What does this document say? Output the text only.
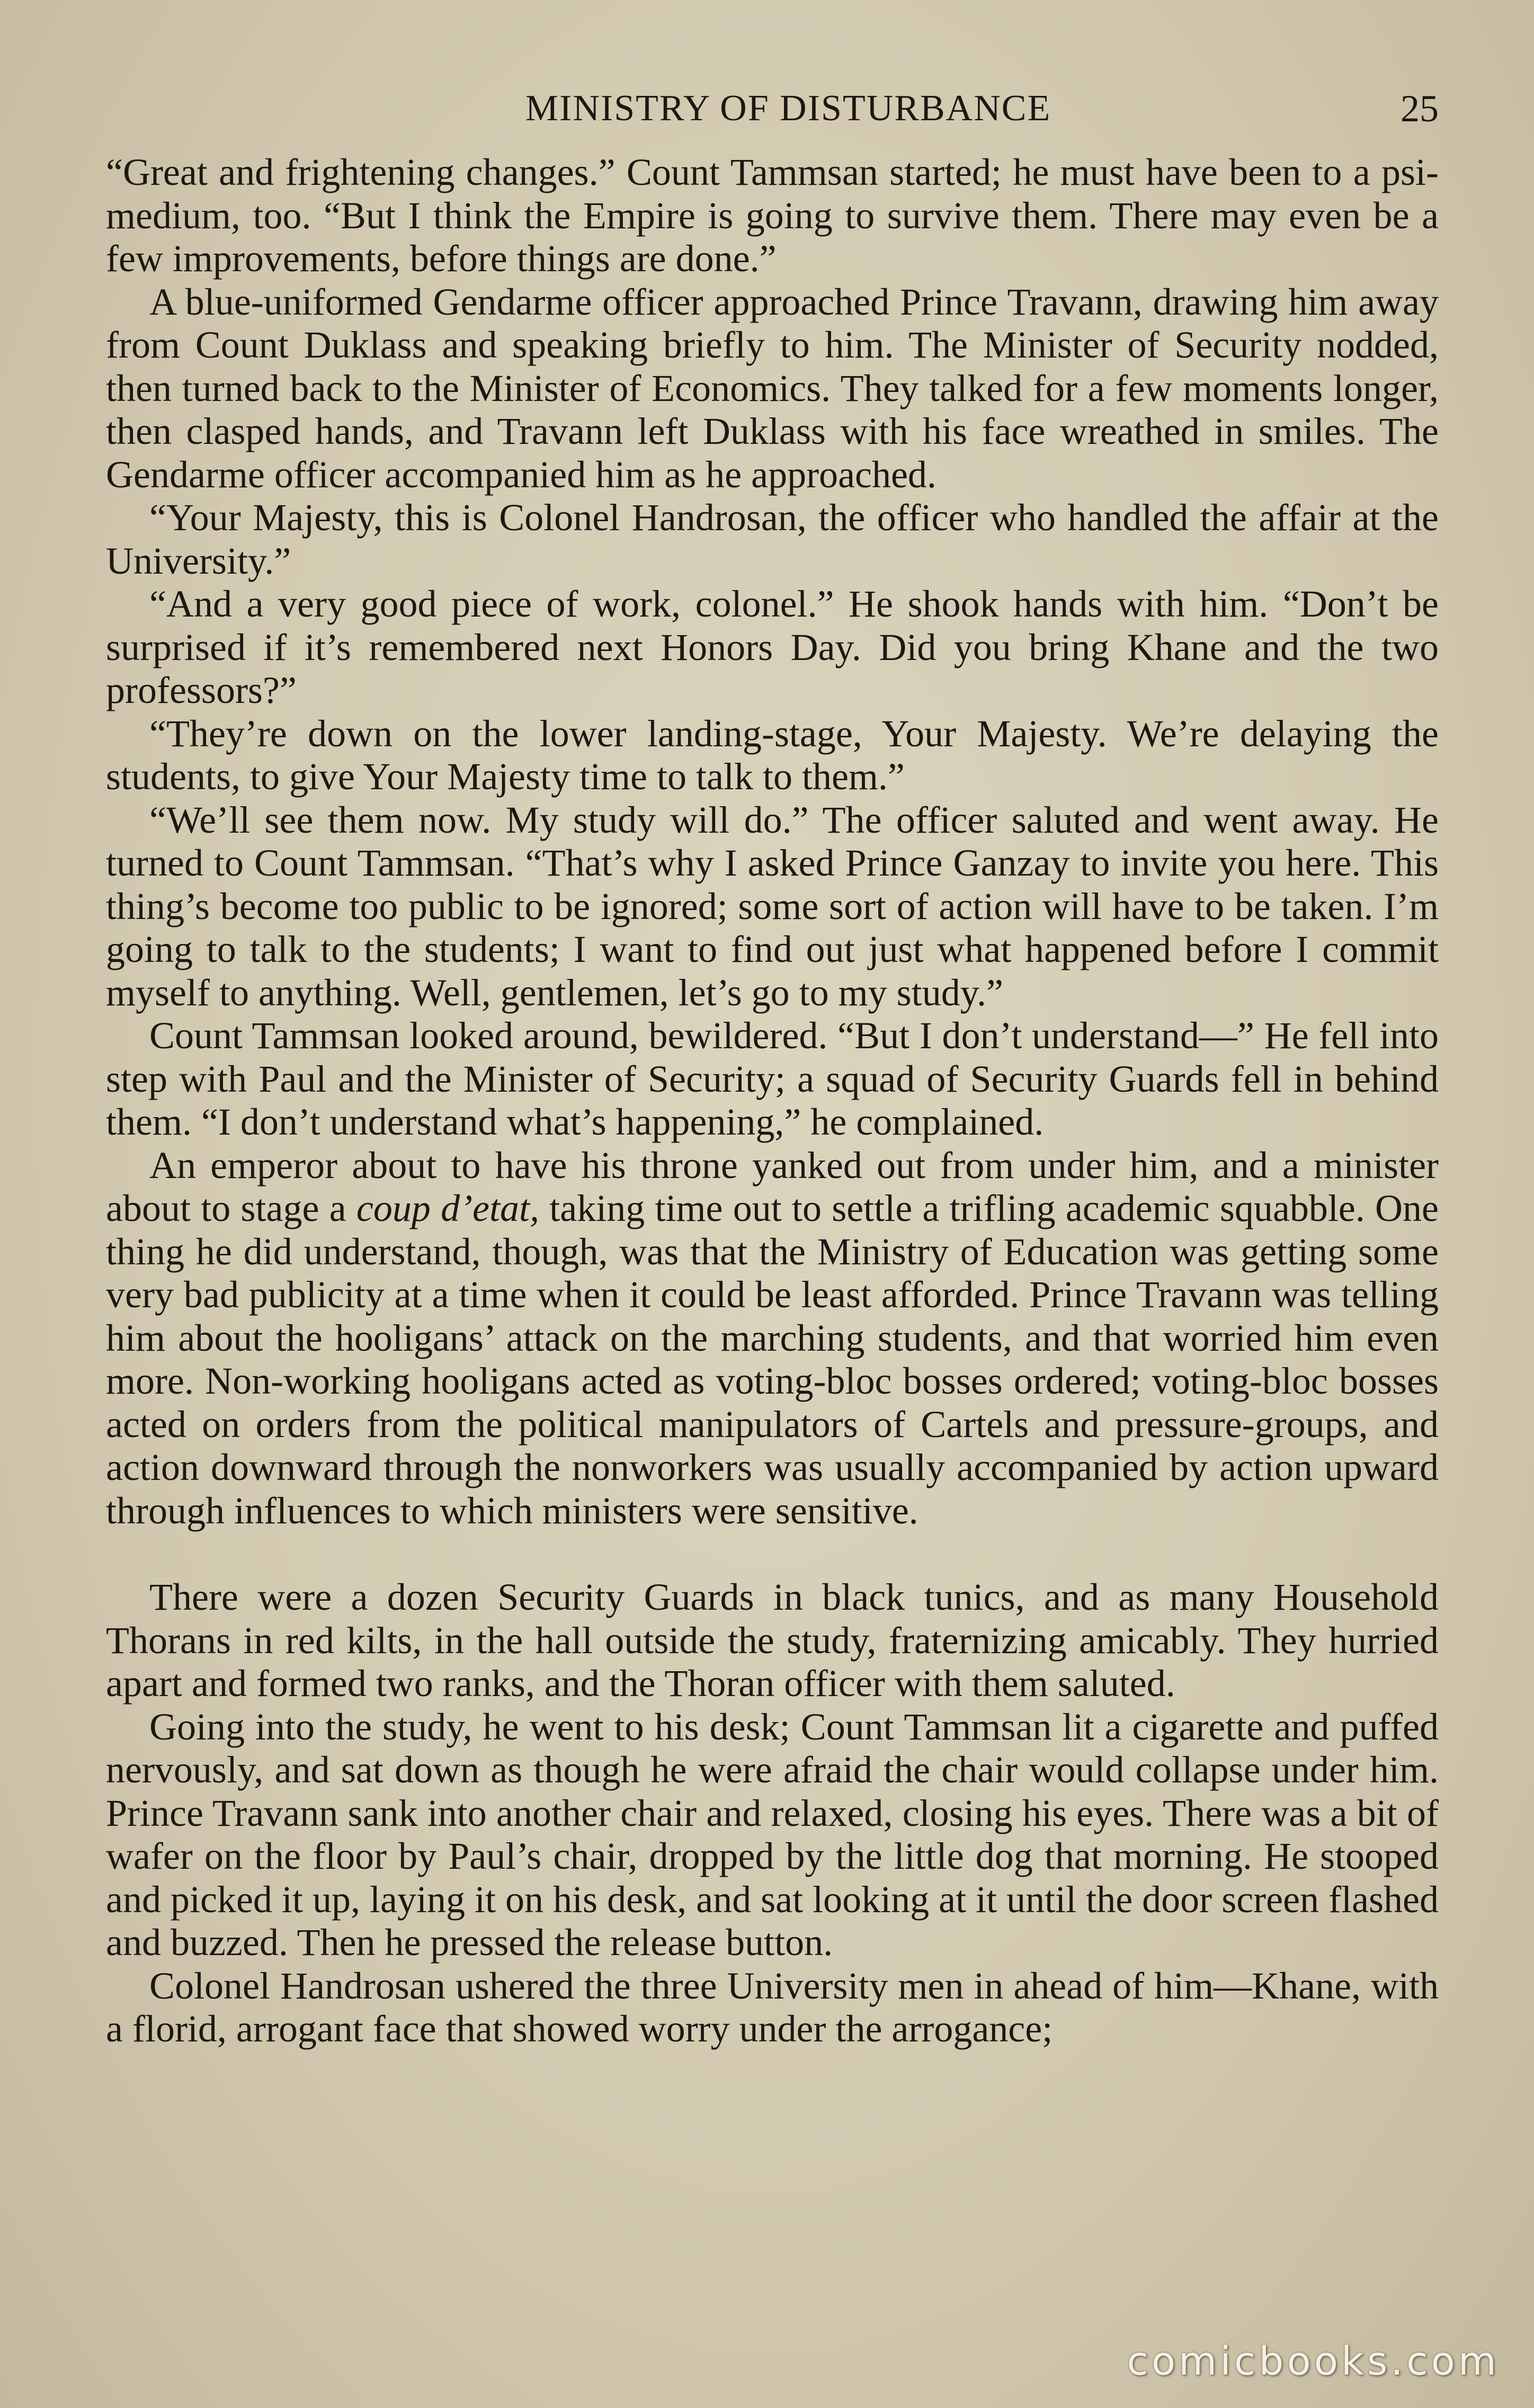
MINISTRY OF DISTURBANCE	25

“Great and frightening changes.” Count Tammsan started; he must have been to a psi-medium, too. “But I think the Empire is going to survive them. There may even be a few improvements, before things are done.”

A blue-uniformed Gendarme officer approached Prince Travann, drawing him away from Count Duklass and speaking briefly to him. The Minister of Security nodded, then turned back to the Minister of Economics. They talked for a few moments longer, then clasped hands, and Travann left Duklass with his face wreathed in smiles. The Gendarme officer accompanied him as he approached.

“Your Majesty, this is Colonel Handrosan, the officer who handled the affair at the University.”

“And a very good piece of work, colonel.” He shook hands with him. “Don’t be surprised if it’s remembered next Honors Day. Did you bring Khane and the two professors?”

“They’re down on the lower landing-stage, Your Majesty. We’re delaying the students, to give Your Majesty time to talk to them.”

“We’ll see them now. My study will do.” The officer saluted and went away. He turned to Count Tammsan. “That’s why I asked Prince Ganzay to invite you here. This thing’s become too public to be ignored; some sort of action will have to be taken. I’m going to talk to the students; I want to find out just what happened before I commit myself to anything. Well, gentlemen, let’s go to my study.”

Count Tammsan looked around, bewildered. “But I don’t understand—” He fell into step with Paul and the Minister of Security; a squad of Security Guards fell in behind them. “I don’t understand what’s happening,” he complained.

An emperor about to have his throne yanked out from under him, and a minister about to stage a coup d’etat, taking time out to settle a trifling academic squabble. One thing he did understand, though, was that the Ministry of Education was getting some very bad publicity at a time when it could be least afforded. Prince Travann was telling him about the hooligans’ attack on the marching students, and that worried him even more. Non-working hooligans acted as voting-bloc bosses ordered; voting-bloc bosses acted on orders from the political manipulators of Cartels and pressure-groups, and action downward through the nonworkers was usually accompanied by action upward through influences to which ministers were sensitive.

There were a dozen Security Guards in black tunics, and as many Household Thorans in red kilts, in the hall outside the study, fraternizing amicably. They hurried apart and formed two ranks, and the Thoran officer with them saluted.

Going into the study, he went to his desk; Count Tammsan lit a cigarette and puffed nervously, and sat down as though he were afraid the chair would collapse under him. Prince Travann sank into another chair and relaxed, closing his eyes. There was a bit of wafer on the floor by Paul’s chair, dropped by the little dog that morning. He stooped and picked it up, laying it on his desk, and sat looking at it until the door screen flashed and buzzed. Then he pressed the release button.

Colonel Handrosan ushered the three University men in ahead of him—Khane, with a florid, arrogant face that showed worry under the arrogance;

comicbooks.com
